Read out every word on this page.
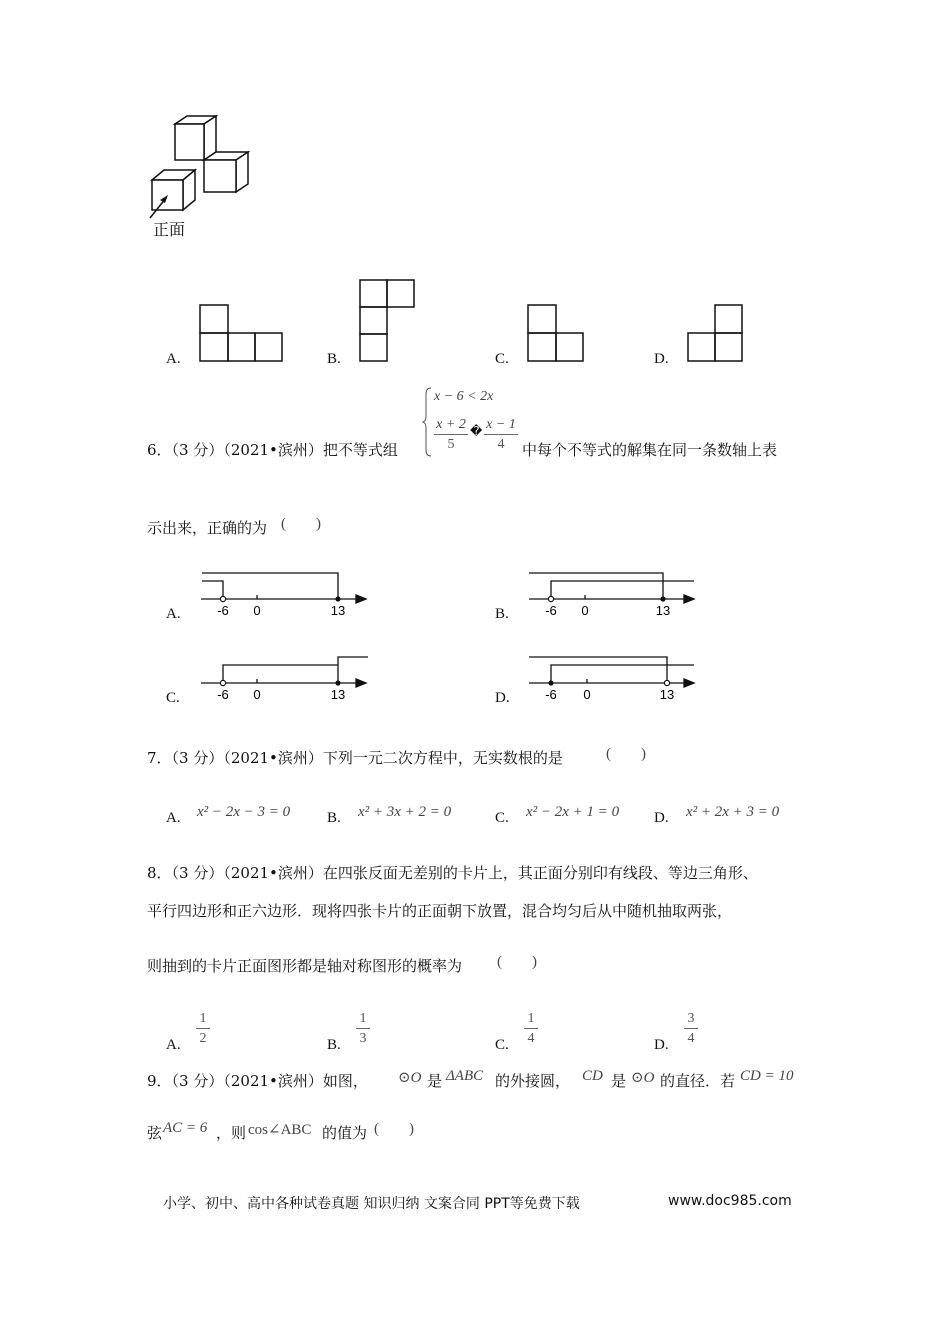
正面
A.	B.	C.	D.
6．（3 分）（2021•滨州）把不等式组
x − 6 < 2x
x + 2
5
� x − 1
4	中每个不等式的解集在同一条数轴上表
示出来，正确的为 (　　)
A.	-6 0	13	B.	-6 0	13
C.	-6 0	13	D.	-6 0	13
7．（3 分）（2021•滨州）下列一元二次方程中，无实数根的是	(　　)
A. x² − 2x − 3 = 0 B. x² + 3x + 2 = 0	C. x² − 2x + 1 = 0 D. x² + 2x + 3 = 0
8．（3 分）（2021•滨州）在四张反面无差别的卡片上，其正面分别印有线段、等边三角形、
平行四边形和正六边形．现将四张卡片的正面朝下放置，混合均匀后从中随机抽取两张，
则抽到的卡片正面图形都是轴对称图形的概率为 (　　)
A.
1
2	B.
1
3	C.
1
4	D.
3
4
9．（3 分）（2021•滨州）如图， ⊙O 是 ΔABC 的外接圆， CD 是 ⊙O 的直径．若 CD = 10
弦 AC = 6 ，则 cos∠ABC 的值为 (　　)
小学、初中、高中各种试卷真题 知识归纳 文案合同 PPT等免费下载	www.doc985.com
